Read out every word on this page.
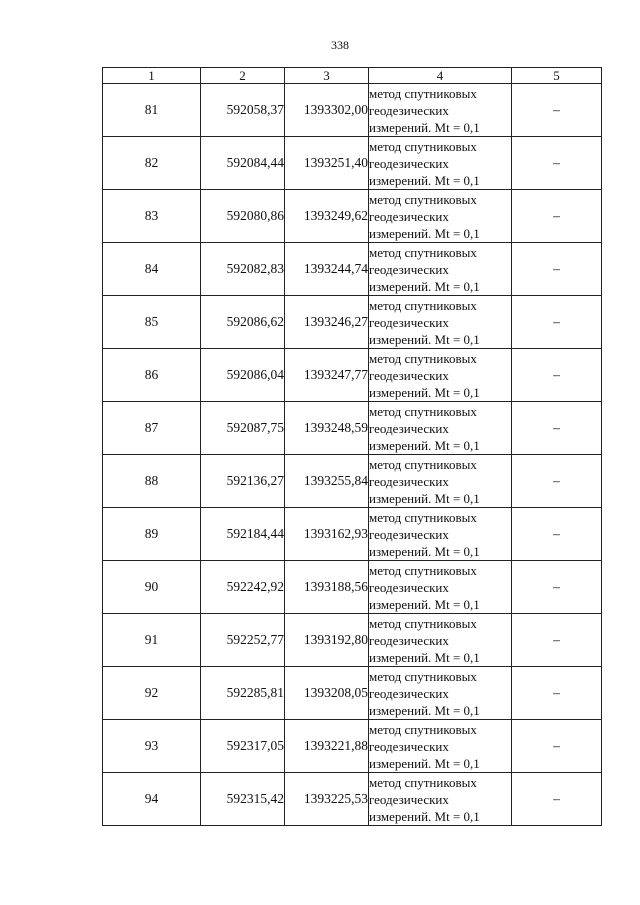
338
1	2	3	4	5
81	592058,37	1393302,00	метод спутниковых
геодезических
измерений. Mt = 0,1	–
82	592084,44	1393251,40	метод спутниковых
геодезических
измерений. Mt = 0,1	–
83	592080,86	1393249,62	метод спутниковых
геодезических
измерений. Mt = 0,1	–
84	592082,83	1393244,74	метод спутниковых
геодезических
измерений. Mt = 0,1	–
85	592086,62	1393246,27	метод спутниковых
геодезических
измерений. Mt = 0,1	–
86	592086,04	1393247,77	метод спутниковых
геодезических
измерений. Mt = 0,1	–
87	592087,75	1393248,59	метод спутниковых
геодезических
измерений. Mt = 0,1	–
88	592136,27	1393255,84	метод спутниковых
геодезических
измерений. Mt = 0,1	–
89	592184,44	1393162,93	метод спутниковых
геодезических
измерений. Mt = 0,1	–
90	592242,92	1393188,56	метод спутниковых
геодезических
измерений. Mt = 0,1	–
91	592252,77	1393192,80	метод спутниковых
геодезических
измерений. Mt = 0,1	–
92	592285,81	1393208,05	метод спутниковых
геодезических
измерений. Mt = 0,1	–
93	592317,05	1393221,88	метод спутниковых
геодезических
измерений. Mt = 0,1	–
94	592315,42	1393225,53	метод спутниковых
геодезических
измерений. Mt = 0,1	–
